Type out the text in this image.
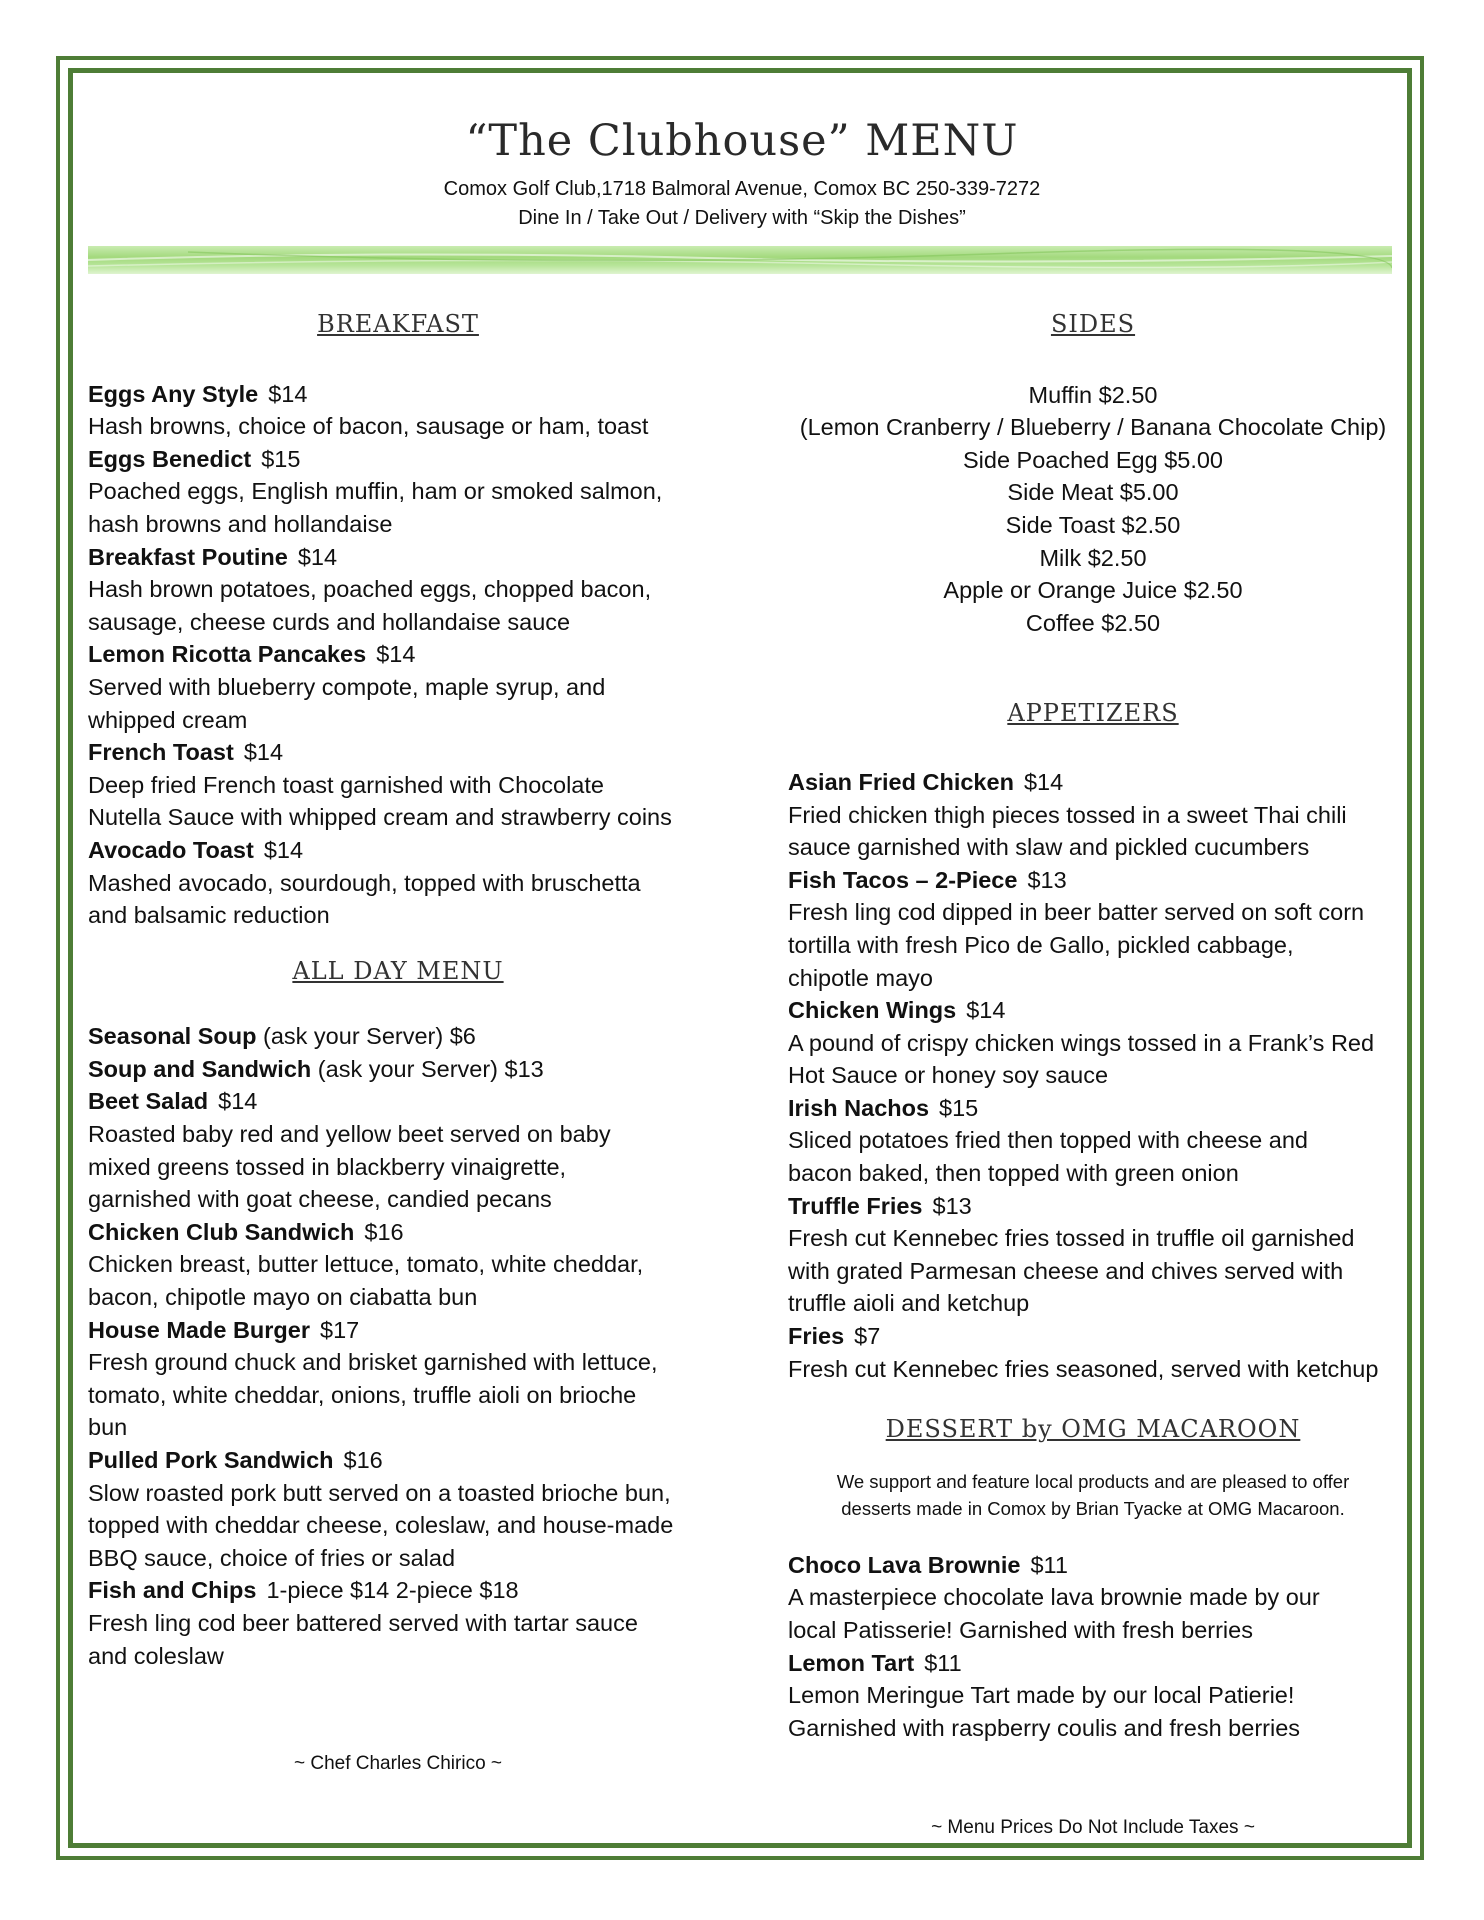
“The Clubhouse” MENU
Comox Golf Club,1718 Balmoral Avenue, Comox BC 250-339-7272
Dine In / Take Out / Delivery with “Skip the Dishes”
BREAKFAST

Eggs Any Style $14

Hash browns, choice of bacon, sausage or ham, toast

Eggs Benedict $15

Poached eggs, English muffin, ham or smoked salmon,

hash browns and hollandaise

Breakfast Poutine $14

Hash brown potatoes, poached eggs, chopped bacon,

sausage, cheese curds and hollandaise sauce

Lemon Ricotta Pancakes $14

Served with blueberry compote, maple syrup, and

whipped cream

French Toast $14

Deep fried French toast garnished with Chocolate

Nutella Sauce with whipped cream and strawberry coins

Avocado Toast $14

Mashed avocado, sourdough, topped with bruschetta

and balsamic reduction

ALL DAY MENU

Seasonal Soup (ask your Server) $6

Soup and Sandwich (ask your Server) $13

Beet Salad $14

Roasted baby red and yellow beet served on baby

mixed greens tossed in blackberry vinaigrette,

garnished with goat cheese, candied pecans

Chicken Club Sandwich $16

Chicken breast, butter lettuce, tomato, white cheddar,

bacon, chipotle mayo on ciabatta bun

House Made Burger $17

Fresh ground chuck and brisket garnished with lettuce,

tomato, white cheddar, onions, truffle aioli on brioche

bun

Pulled Pork Sandwich $16

Slow roasted pork butt served on a toasted brioche bun,

topped with cheddar cheese, coleslaw, and house-made

BBQ sauce, choice of fries or salad

Fish and Chips 1-piece $14 2-piece $18

Fresh ling cod beer battered served with tartar sauce

and coleslaw

~ Chef Charles Chirico ~
SIDES

Muffin $2.50

(Lemon Cranberry / Blueberry / Banana Chocolate Chip)

Side Poached Egg $5.00

Side Meat $5.00

Side Toast $2.50

Milk $2.50

Apple or Orange Juice $2.50

Coffee $2.50

APPETIZERS

Asian Fried Chicken $14

Fried chicken thigh pieces tossed in a sweet Thai chili

sauce garnished with slaw and pickled cucumbers

Fish Tacos – 2-Piece $13

Fresh ling cod dipped in beer batter served on soft corn

tortilla with fresh Pico de Gallo, pickled cabbage,

chipotle mayo

Chicken Wings $14

A pound of crispy chicken wings tossed in a Frank’s Red

Hot Sauce or honey soy sauce

Irish Nachos $15

Sliced potatoes fried then topped with cheese and

bacon baked, then topped with green onion

Truffle Fries $13

Fresh cut Kennebec fries tossed in truffle oil garnished

with grated Parmesan cheese and chives served with

truffle aioli and ketchup

Fries $7

Fresh cut Kennebec fries seasoned, served with ketchup

DESSERT by OMG MACAROON

We support and feature local products and are pleased to offer

desserts made in Comox by Brian Tyacke at OMG Macaroon.

Choco Lava Brownie $11

A masterpiece chocolate lava brownie made by our

local Patisserie! Garnished with fresh berries

Lemon Tart $11

Lemon Meringue Tart made by our local Patierie!

Garnished with raspberry coulis and fresh berries

~ Menu Prices Do Not Include Taxes ~
